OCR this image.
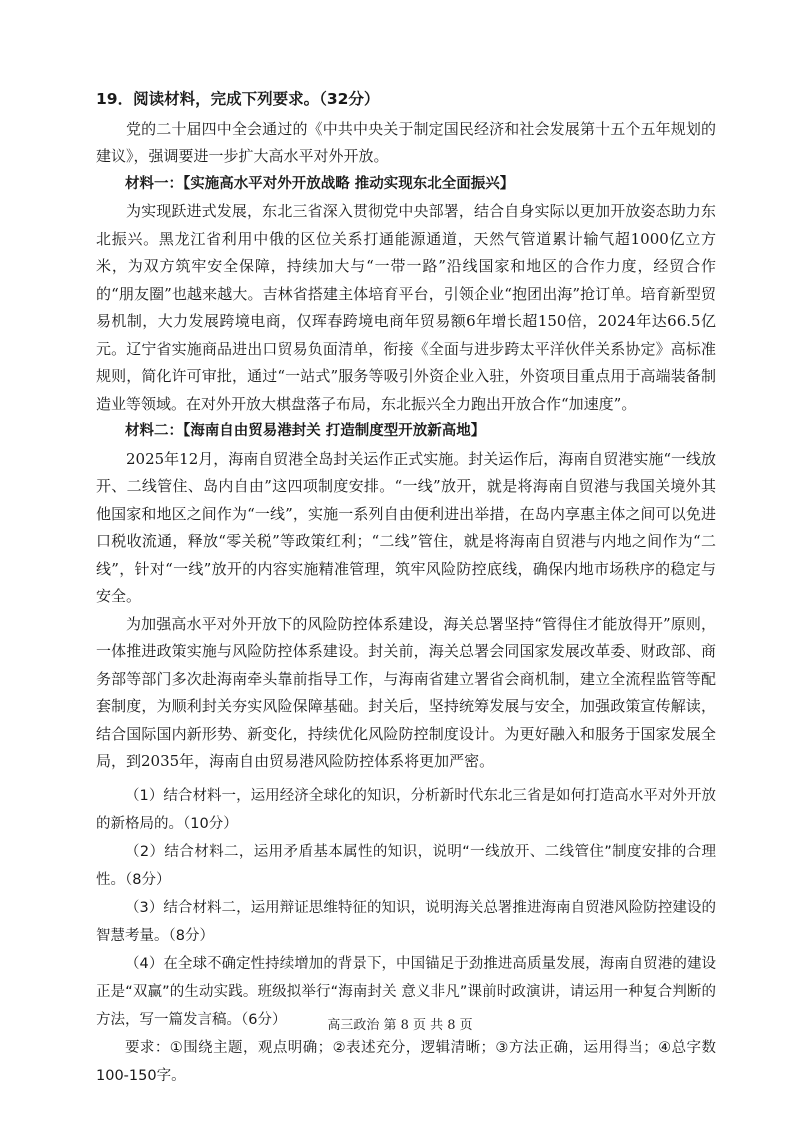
19．阅读材料，完成下列要求。（32分）

党的二十届四中全会通过的《中共中央关于制定国民经济和社会发展第十五个五年规划的建议》，强调要进一步扩大高水平对外开放。

材料一：【实施高水平对外开放战略 推动实现东北全面振兴】

为实现跃进式发展，东北三省深入贯彻党中央部署，结合自身实际以更加开放姿态助力东北振兴。黑龙江省利用中俄的区位关系打通能源通道，天然气管道累计输气超1000亿立方米，为双方筑牢安全保障，持续加大与“一带一路”沿线国家和地区的合作力度，经贸合作的“朋友圈”也越来越大。吉林省搭建主体培育平台，引领企业“抱团出海”抢订单。培育新型贸易机制，大力发展跨境电商，仅珲春跨境电商年贸易额6年增长超150倍，2024年达66.5亿元。辽宁省实施商品进出口贸易负面清单，衔接《全面与进步跨太平洋伙伴关系协定》高标准规则，简化许可审批，通过“一站式”服务等吸引外资企业入驻，外资项目重点用于高端装备制造业等领域。在对外开放大棋盘落子布局，东北振兴全力跑出开放合作“加速度”。

材料二：【海南自由贸易港封关 打造制度型开放新高地】

2025年12月，海南自贸港全岛封关运作正式实施。封关运作后，海南自贸港实施“一线放开、二线管住、岛内自由”这四项制度安排。“一线”放开，就是将海南自贸港与我国关境外其他国家和地区之间作为“一线”，实施一系列自由便利进出举措，在岛内享惠主体之间可以免进口税收流通，释放“零关税”等政策红利；“二线”管住，就是将海南自贸港与内地之间作为“二线”，针对“一线”放开的内容实施精准管理，筑牢风险防控底线，确保内地市场秩序的稳定与安全。

为加强高水平对外开放下的风险防控体系建设，海关总署坚持“管得住才能放得开”原则，一体推进政策实施与风险防控体系建设。封关前，海关总署会同国家发展改革委、财政部、商务部等部门多次赴海南牵头靠前指导工作，与海南省建立署省会商机制，建立全流程监管等配套制度，为顺利封关夯实风险保障基础。封关后，坚持统筹发展与安全，加强政策宣传解读，结合国际国内新形势、新变化，持续优化风险防控制度设计。为更好融入和服务于国家发展全局，到2035年，海南自由贸易港风险防控体系将更加严密。

（1）结合材料一，运用经济全球化的知识，分析新时代东北三省是如何打造高水平对外开放的新格局的。（10分）

（2）结合材料二，运用矛盾基本属性的知识，说明“一线放开、二线管住”制度安排的合理性。（8分）

（3）结合材料二，运用辩证思维特征的知识，说明海关总署推进海南自贸港风险防控建设的智慧考量。（8分）

（4）在全球不确定性持续增加的背景下，中国锚足于劲推进高质量发展，海南自贸港的建设正是“双赢”的生动实践。班级拟举行“海南封关 意义非凡”课前时政演讲，请运用一种复合判断的方法，写一篇发言稿。（6分）

要求：①围绕主题，观点明确；②表述充分，逻辑清晰；③方法正确，运用得当；④总字数100-150字。

高三政治 第 8 页 共 8 页
